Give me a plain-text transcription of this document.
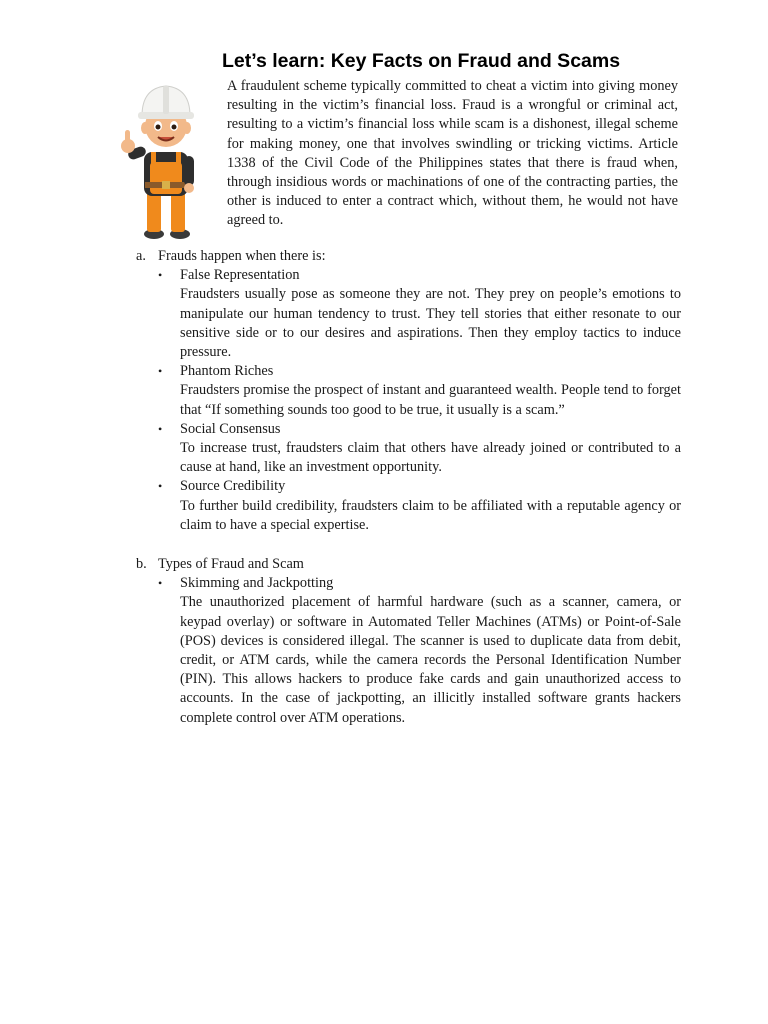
Let’s learn: Key Facts on Fraud and Scams

A fraudulent scheme typically committed to cheat a victim into giving money resulting in the victim’s financial loss. Fraud is a wrongful or criminal act, resulting to a victim’s financial loss while scam is a dishonest, illegal scheme for making money, one that involves swindling or tricking victims. Article 1338 of the Civil Code of the Philippines states that there is fraud when, through insidious words or machinations of one of the contracting parties, the other is induced to enter a contract which, without them, he would not have agreed to.

a. Frauds happen when there is:
•	False Representation

Fraudsters usually pose as someone they are not. They prey on people’s emotions to manipulate our human tendency to trust. They tell stories that either resonate to our sensitive side or to our desires and aspirations. Then they employ tactics to induce pressure.

•	Phantom Riches

Fraudsters promise the prospect of instant and guaranteed wealth. People tend to forget that “If something sounds too good to be true, it usually is a scam.”

•	Social Consensus

To increase trust, fraudsters claim that others have already joined or contributed to a cause at hand, like an investment opportunity.

•	Source Credibility

To further build credibility, fraudsters claim to be affiliated with a reputable agency or claim to have a special expertise.

b. Types of Fraud and Scam
•	Skimming and Jackpotting

The unauthorized placement of harmful hardware (such as a scanner, camera, or keypad overlay) or software in Automated Teller Machines (ATMs) or Point-of-Sale (POS) devices is considered illegal. The scanner is used to duplicate data from debit, credit, or ATM cards, while the camera records the Personal Identification Number (PIN). This allows hackers to produce fake cards and gain unauthorized access to accounts. In the case of jackpotting, an illicitly installed software grants hackers complete control over ATM operations.
